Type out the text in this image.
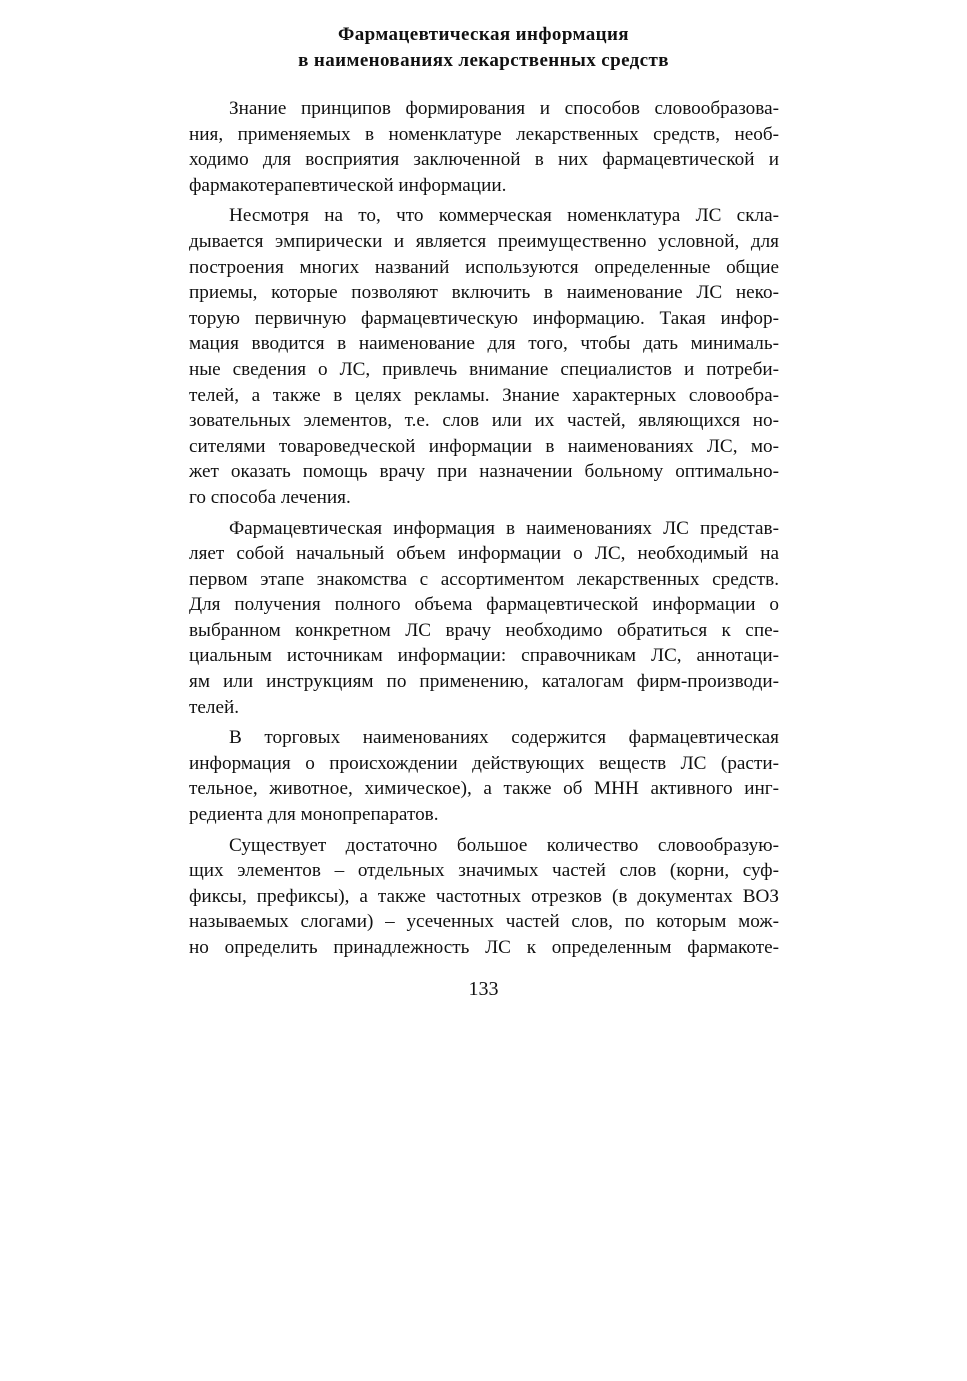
Фармацевтическая информация
в наименованиях лекарственных средств
Знание принципов формирования и способов словообразова-
ния, применяемых в номенклатуре лекарственных средств, необ-
ходимо для восприятия заключенной в них фармацевтической и
фармакотерапевтической информации.
Несмотря на то, что коммерческая номенклатура ЛС скла-
дывается эмпирически и является преимущественно условной, для
построения многих названий используются определенные общие
приемы, которые позволяют включить в наименование ЛС неко-
торую первичную фармацевтическую информацию. Такая инфор-
мация вводится в наименование для того, чтобы дать минималь-
ные сведения о ЛС, привлечь внимание специалистов и потреби-
телей, а также в целях рекламы. Знание характерных словообра-
зовательных элементов, т.е. слов или их частей, являющихся но-
сителями товароведческой информации в наименованиях ЛС, мо-
жет оказать помощь врачу при назначении больному оптимально-
го способа лечения.
Фармацевтическая информация в наименованиях ЛС представ-
ляет собой начальный объем информации о ЛС, необходимый на
первом этапе знакомства с ассортиментом лекарственных средств.
Для получения полного объема фармацевтической информации о
выбранном конкретном ЛС врачу необходимо обратиться к спе-
циальным источникам информации: справочникам ЛС, аннотаци-
ям или инструкциям по применению, каталогам фирм-производи-
телей.
В торговых наименованиях содержится фармацевтическая
информация о происхождении действующих веществ ЛС (расти-
тельное, животное, химическое), а также об МНН активного инг-
редиента для монопрепаратов.
Существует достаточно большое количество словообразую-
щих элементов – отдельных значимых частей слов (корни, суф-
фиксы, префиксы), а также частотных отрезков (в документах ВОЗ
называемых слогами) – усеченных частей слов, по которым мож-
но определить принадлежность ЛС к определенным фармакоте-
133
